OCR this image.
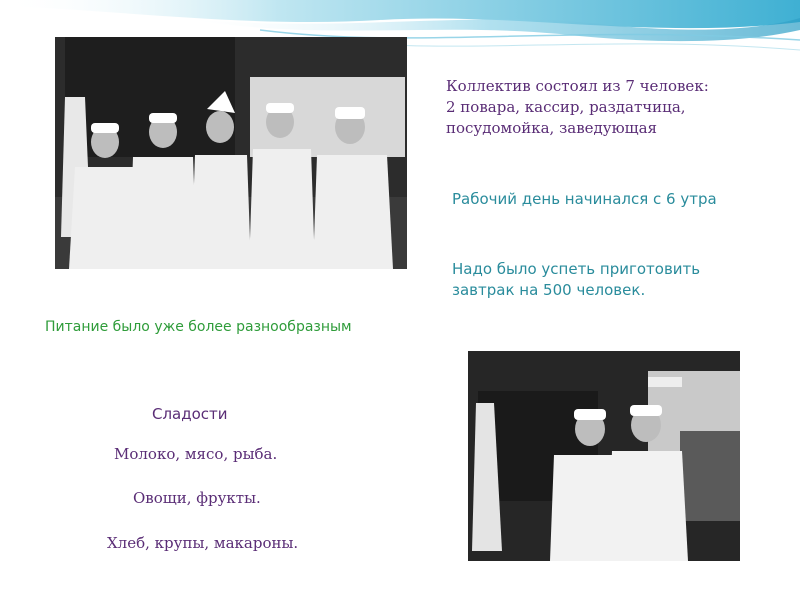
Коллектив состоял из 7 человек:
2 повара, кассир, раздатчица,
посудомойка, заведующая
Рабочий день начинался с 6 утра
Надо было успеть приготовить
завтрак на 500 человек.
Питание было уже более разнообразным
Сладости
Молоко, мясо, рыба.
Овощи, фрукты.
Хлеб, крупы, макароны.
